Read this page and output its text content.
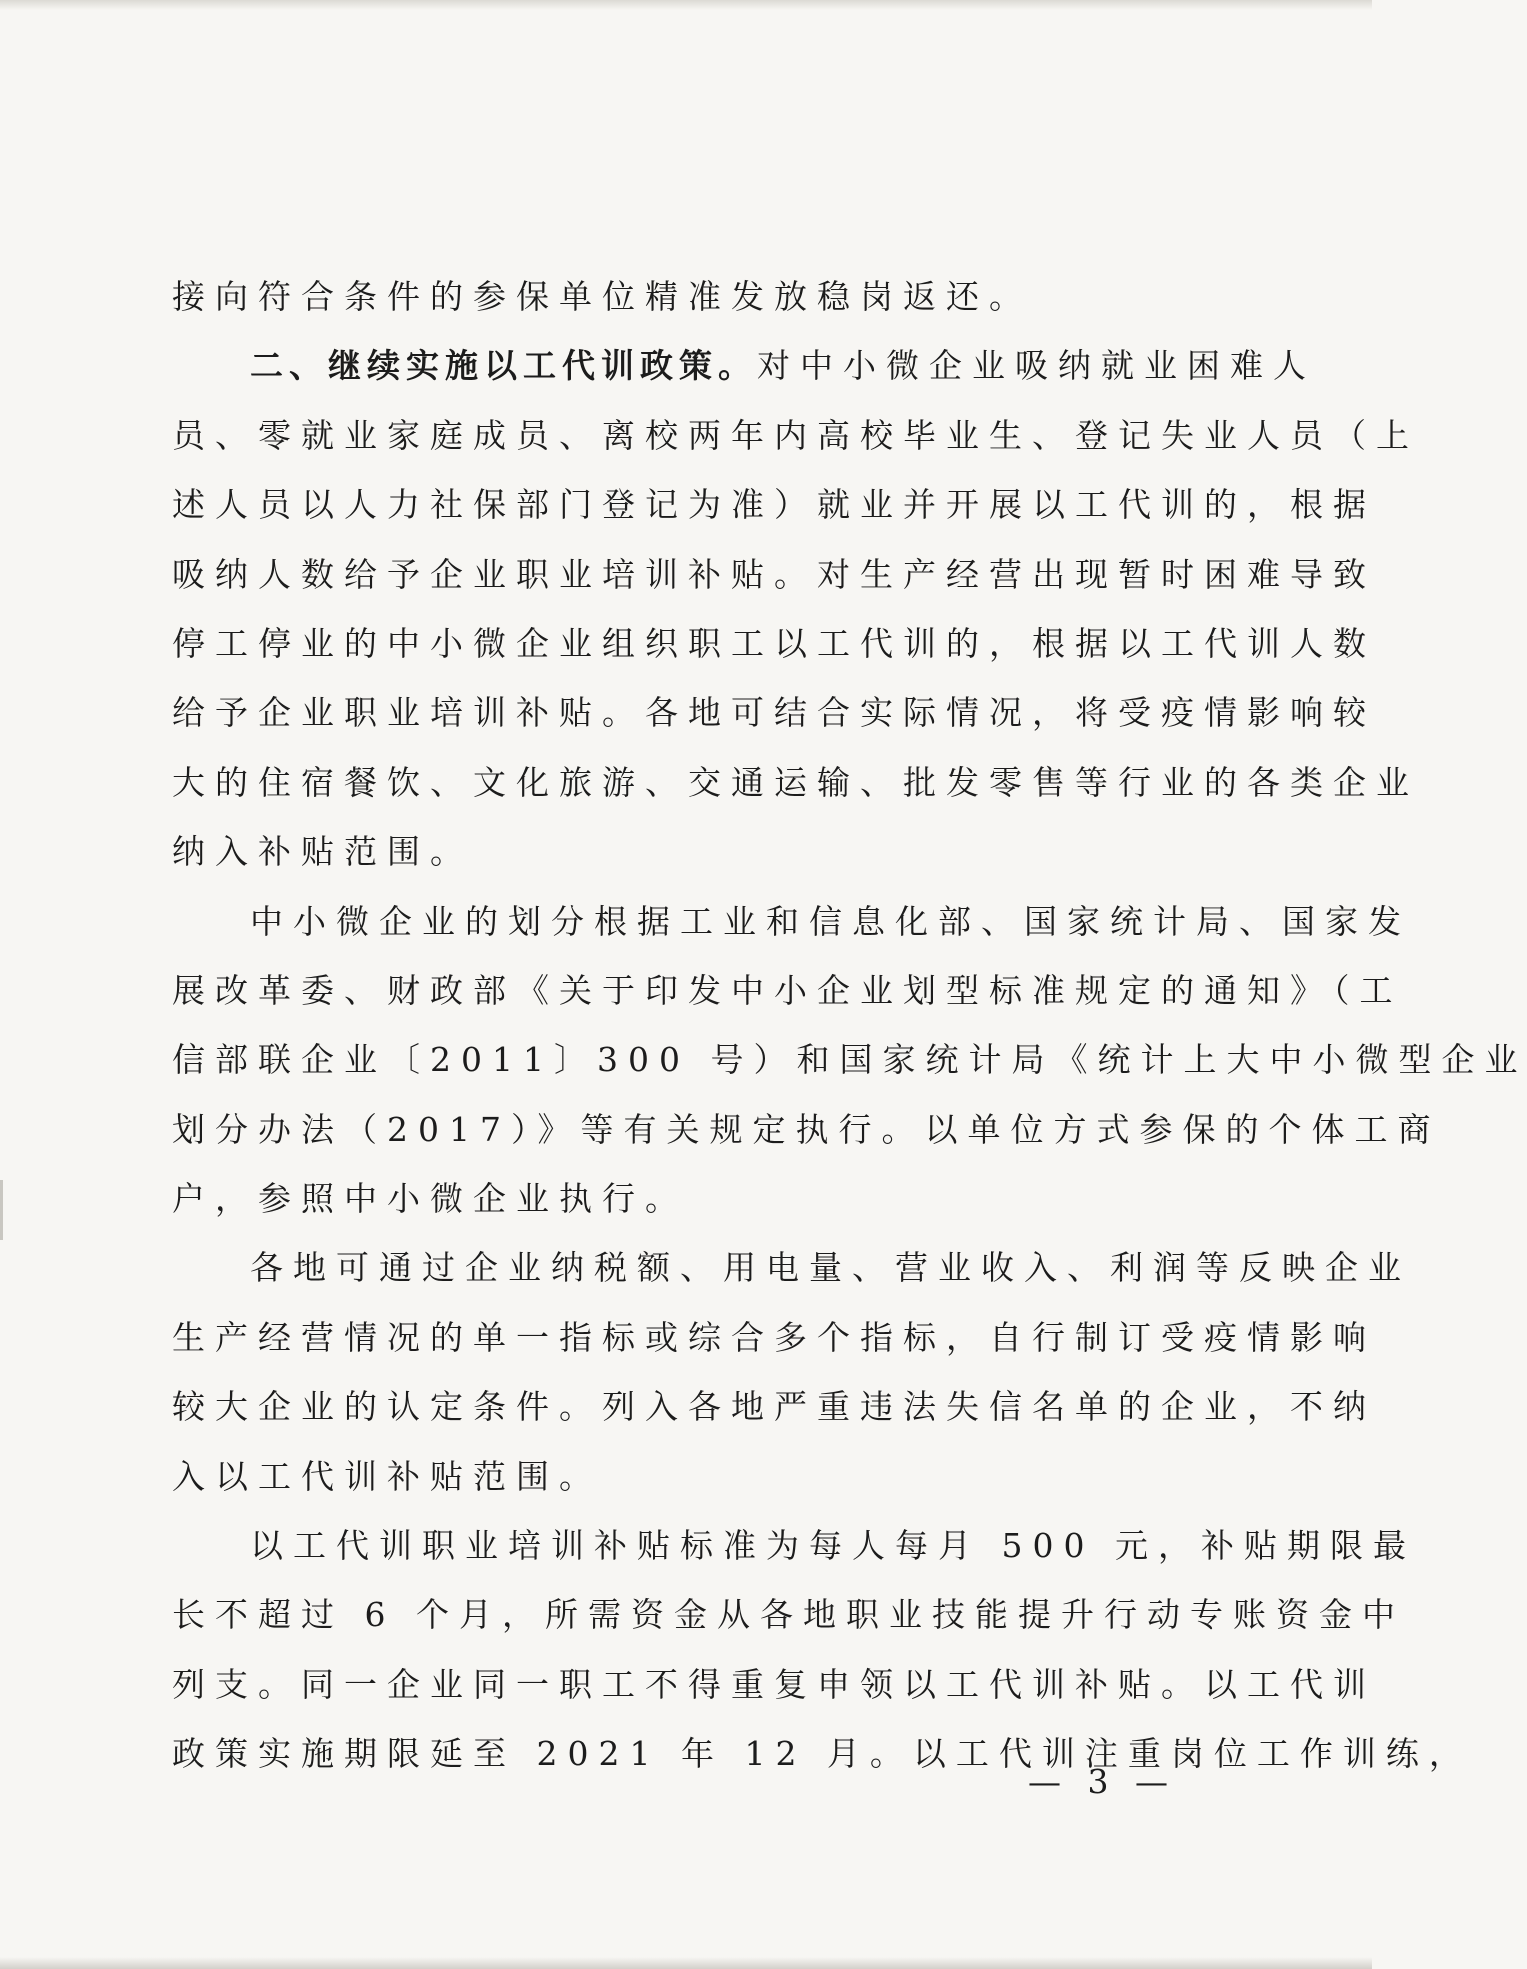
接向符合条件的参保单位精准发放稳岗返还。
二、继续实施以工代训政策。对中小微企业吸纳就业困难人
员、零就业家庭成员、离校两年内高校毕业生、登记失业人员（上
述人员以人力社保部门登记为准）就业并开展以工代训的，根据
吸纳人数给予企业职业培训补贴。对生产经营出现暂时困难导致
停工停业的中小微企业组织职工以工代训的，根据以工代训人数
给予企业职业培训补贴。各地可结合实际情况，将受疫情影响较
大的住宿餐饮、文化旅游、交通运输、批发零售等行业的各类企业
纳入补贴范围。
中小微企业的划分根据工业和信息化部、国家统计局、国家发
展改革委、财政部《关于印发中小企业划型标准规定的通知》（工
信部联企业〔2011〕300 号）和国家统计局《统计上大中小微型企业
划分办法（2017）》等有关规定执行。以单位方式参保的个体工商
户，参照中小微企业执行。
各地可通过企业纳税额、用电量、营业收入、利润等反映企业
生产经营情况的单一指标或综合多个指标，自行制订受疫情影响
较大企业的认定条件。列入各地严重违法失信名单的企业，不纳
入以工代训补贴范围。
以工代训职业培训补贴标准为每人每月 500 元，补贴期限最
长不超过 6 个月，所需资金从各地职业技能提升行动专账资金中
列支。同一企业同一职工不得重复申领以工代训补贴。以工代训
政策实施期限延至 2021 年 12 月。以工代训注重岗位工作训练，
— 3 —
